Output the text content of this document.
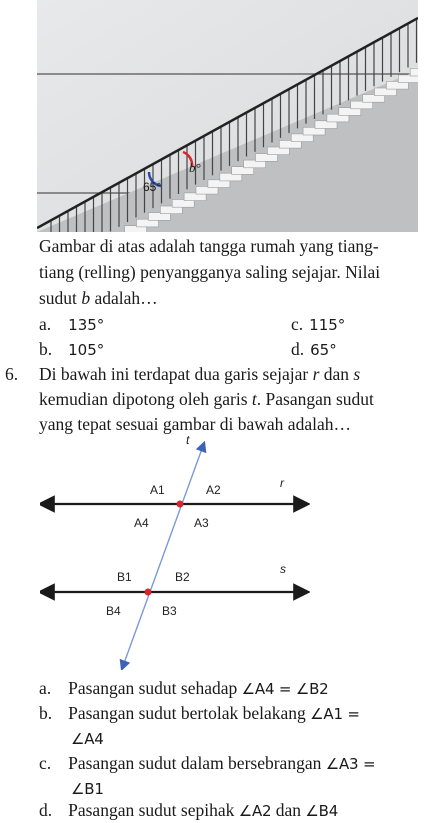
b°
65°
Gambar di atas adalah tangga rumah yang tiang-
tiang (relling) penyangganya saling sejajar. Nilai
sudut b adalah…
a. 135°	c. 115°
b. 105°	d. 65°
6. Di bawah ini terdapat dua garis sejajar r dan s
kemudian dipotong oleh garis t. Pasangan sudut
yang tepat sesuai gambar di bawah adalah…
t
r
s
A1	A2
A4	A3
B1	B2
B4	B3
a. Pasangan sudut sehadap ∠A4 = ∠B2
b. Pasangan sudut bertolak belakang ∠A1 =
∠A4
c. Pasangan sudut dalam bersebrangan ∠A3 =
∠B1
d. Pasangan sudut sepihak ∠A2 dan ∠B4
